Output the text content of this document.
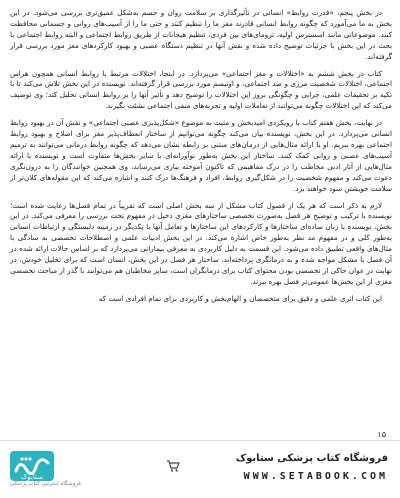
در بخش پنجم، «قدرت روابط» انسانی در تأثیرگذاری بر سلامت روان و جسم به‌شکل عمیق‌تری بررسی می‌شود. در این بخش به ما می‌آموزد که چگونه روابط انسانی قادرند مغز ما را تنظیم کنند و حتی ما را از آسیب‌های روانی و جسمانی محافظت کنند. موضوعاتی مانند اسسترس اولیه، ترومای‌های بین فردی، تنظیم هیجانات از طریق روابط اجتماعی و البته روابط اجتماعی با بحث در این بخش با جزئیات توضیح داده شده و نقش آنها در تنظیم دستگاه عصبی و بهبود کارکردهای مغز مورد بررسی قرار گرفته‌اند.

کتاب در بخش ششم به «اختلالات و مغز اجتماعی» می‌پردازد. در اینجا، اختلالات مرتبط با روابط انسانی همچون هراس اجتماعی، اختلالات شخصیت مرزی و ضد اجتماعی، و اوتیسم مورد بررسی قرار گرفته‌اند. نویسنده در این بخش تلاش می‌کند تا با تکیه بر تحقیقات علمی، چرایی و چگونگی بروز این اختلالات را توضیح دهد و تأثیر آنها را بر روابط انسانی تحلیل کند؛ وی توصیف می‌کند که این اختلالات چگونه می‌توانند از تعاملات اولیه و تجربه‌های منفی اجتماعی نشئت بگیرند.

در نهایت، بخش هفتم کتاب با رویکردی امیدبخش و مثبت به موضوع «شکل‌پذیری عصبی اجتماعی» و نقش آن در بهبود روابط انسانی می‌پردازد. در این بخش، نویسنده بیان می‌کند چگونه می‌توانیم از ساختار انعطاف‌پذیر مغز برای اصلاح و بهبود روابط اجتماعی بهره ببریم. او با ارائه مثال‌هایی از درمان‌های مبتنی بر رابطه نشان می‌دهد که چگونه روابط درمانی می‌توانند به ترمیم آسیب‌های عصبی و روانی کمک کنند. ساختار این بخش به‌طور نوآورانه‌ای با سایر بخش‌ها متفاوت است و نویسنده با ارائه مثال‌هایی از آثار ادبی مخاطب را در درک مفاهیمی که تاکنون آموخته بیاری می‌رساند، وی همچنین خوانندگان را به درون‌نگری دعوت می‌کند و مفهوم شخصیت را در شکل‌گیری روابط، افراد و فرهنگ‌ها درک کنند و اشاره می‌کند که این مقوله‌های کلان‌تر از سلامت خویشتن سود خواهند برد.

لازم به ذکر است که هر یک از فصول کتاب مشکل از سه بخش اصلی است که تقریباً در تمام فصل‌ها رعایت شده است؛ نویسنده با ترکیب و توضیح هر فصل به‌صورت تخصصی ساختارهای مغزی دخیل در مفهوم تحت بررسی را معرفی می‌کند. در این بخش، نویسنده با زبان ساده‌ای ساختارها و کارکردهای این ساختارها و تعامل آنها با یکدیگر در زمینه دلبستگی و ارتباطات انسانی به‌طور کلی و در مفهوم مد نظر به‌طور خاص اشاره می‌کند. در این بخش ادبیات علمی و اصطلاحات تخصصی به سادگی با مثال‌های واقعی تطبیق داده می‌شود. این قسمت به دلیل کاربردی به معرفی بیمارانی می‌پردازد که بر اساس حالات ارائه شده در آن فصل با مشکل مواجه شده و به درمانگری پرداخته‌اند. ساختار هر فصل در این بخش، انسان است که برای تحلیل خودش، در نهایت در عوان حاکی از تخصصی بودن محتوای کتاب برای درمانگران است، سایر مخاطبان هم می‌توانند با گذر از مباحث تخصصی مغزی از این بخش‌ها عمومی‌تر فصل بهره ببرند.

این کتاب اثری علمی و دقیق برای متخصصان و الهام‌بخش و کاربردی برای تمام افرادی است که

۱۵
ستاپوک
فروشگاه اینترنتی کتاب پزشکی
فروشگاه کتاب پزشکی ستابوک
WWW.SETABOOK.COM
